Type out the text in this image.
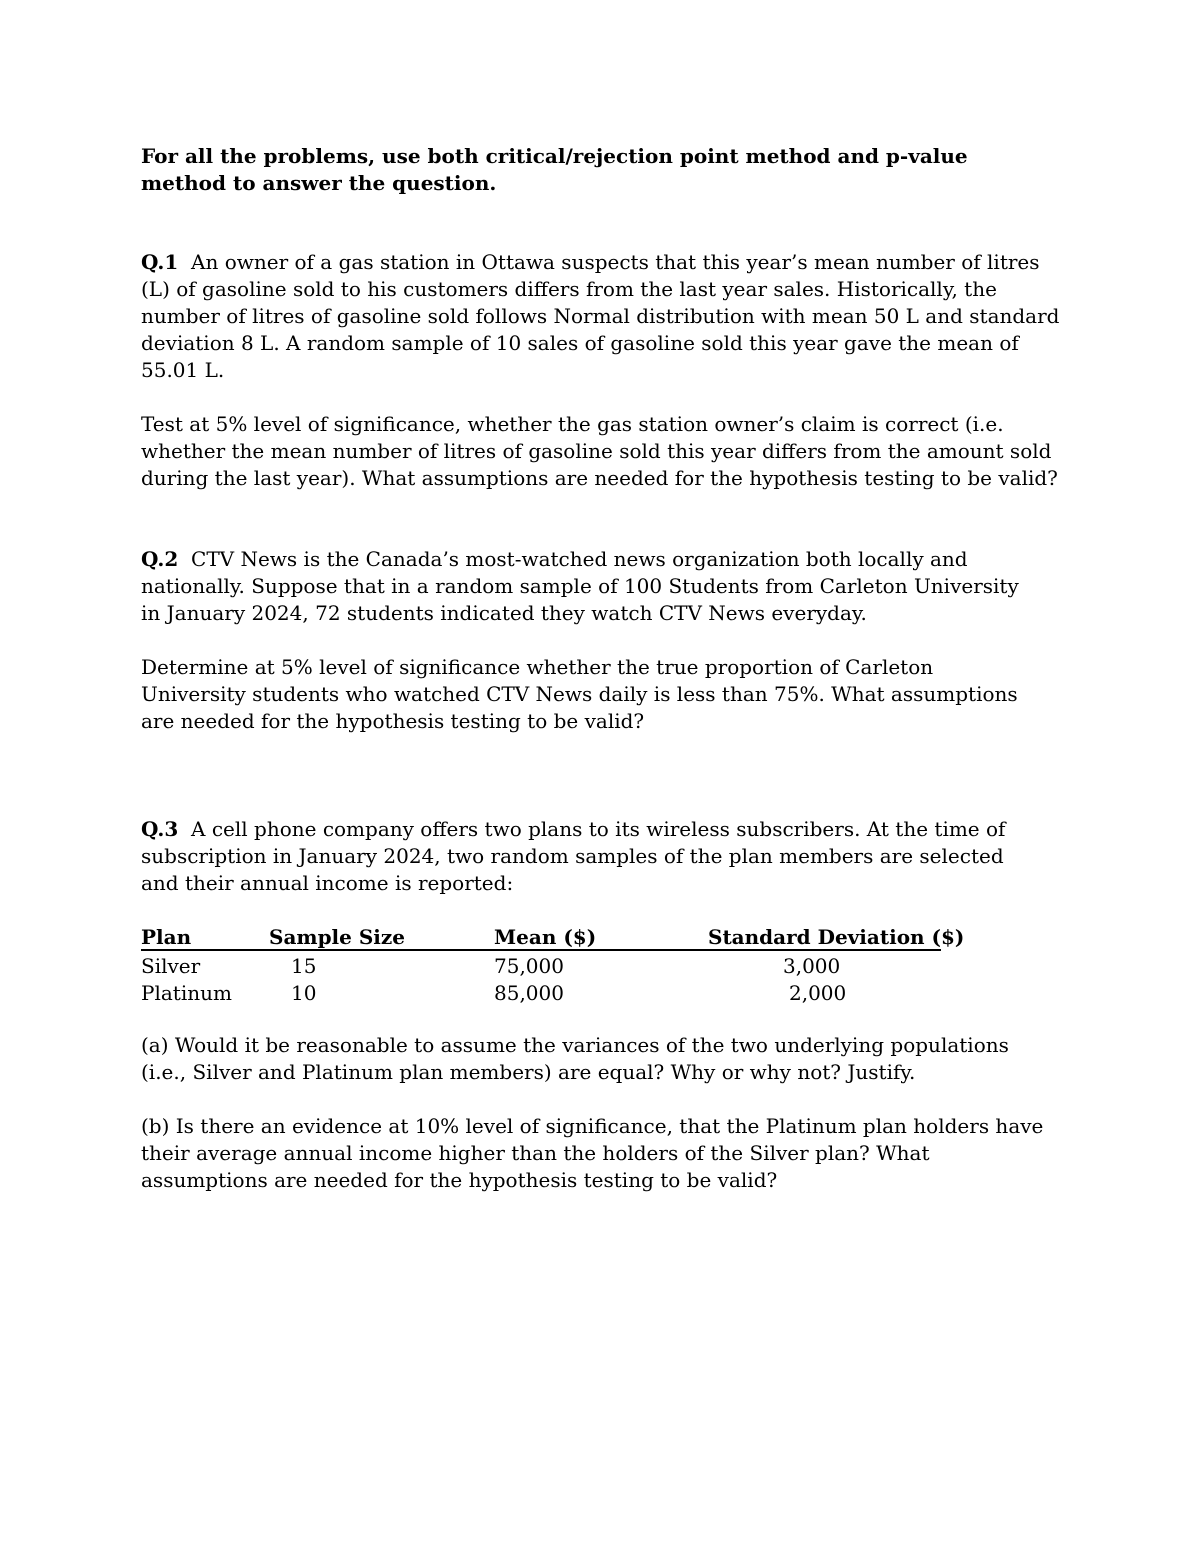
For all the problems, use both critical/rejection point method and p-value method to answer the question.

Q.1 An owner of a gas station in Ottawa suspects that this year’s mean number of litres (L) of gasoline sold to his customers differs from the last year sales. Historically, the number of litres of gasoline sold follows Normal distribution with mean 50 L and standard deviation 8 L. A random sample of 10 sales of gasoline sold this year gave the mean of 55.01 L.

Test at 5% level of significance, whether the gas station owner’s claim is correct (i.e. whether the mean number of litres of gasoline sold this year differs from the amount sold during the last year). What assumptions are needed for the hypothesis testing to be valid?

Q.2 CTV News is the Canada’s most-watched news organization both locally and nationally. Suppose that in a random sample of 100 Students from Carleton University in January 2024, 72 students indicated they watch CTV News everyday.

Determine at 5% level of significance whether the true proportion of Carleton University students who watched CTV News daily is less than 75%. What assumptions are needed for the hypothesis testing to be valid?

Q.3 A cell phone company offers two plans to its wireless subscribers. At the time of subscription in January 2024, two random samples of the plan members are selected and their annual income is reported:

Plan	Sample Size	Mean ($)	Standard Deviation ($)
Silver	15	75,000	3,000
Platinum	10	85,000	2,000

(a) Would it be reasonable to assume the variances of the two underlying populations (i.e., Silver and Platinum plan members) are equal? Why or why not? Justify.

(b) Is there an evidence at 10% level of significance, that the Platinum plan holders have their average annual income higher than the holders of the Silver plan? What assumptions are needed for the hypothesis testing to be valid?
